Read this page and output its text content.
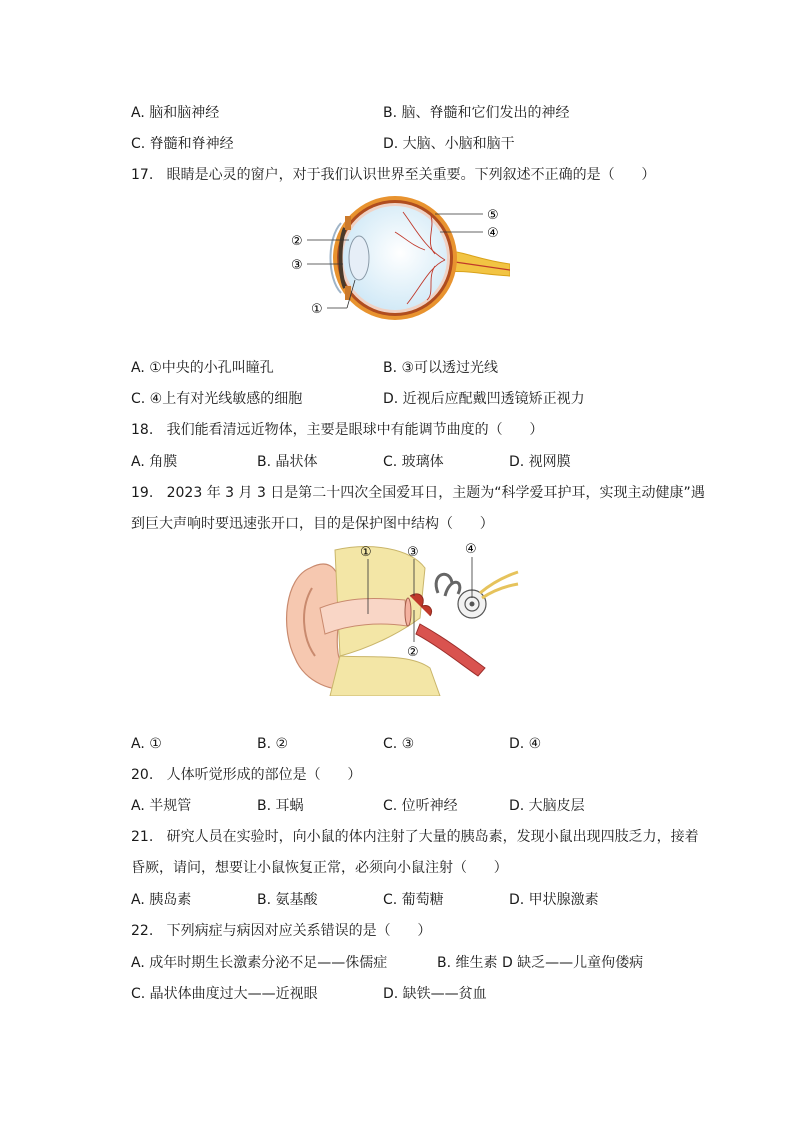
A. 脑和脑神经	B. 脑、脊髓和它们发出的神经
C. 脊髓和脊神经	D. 大脑、小脑和脑干
17.   眼睛是心灵的窗户，对于我们认识世界至关重要。下列叙述不正确的是（      ）
②
③
①
⑤
④
A. ①中央的小孔叫瞳孔	B. ③可以透过光线
C. ④上有对光线敏感的细胞	D. 近视后应配戴凹透镜矫正视力
18.   我们能看清远近物体，主要是眼球中有能调节曲度的（      ）
A. 角膜	B. 晶状体	C. 玻璃体	D. 视网膜
19.   2023 年 3 月 3 日是第二十四次全国爱耳日，主题为“科学爱耳护耳，实现主动健康”遇
到巨大声响时要迅速张开口，目的是保护图中结构（      ）
①	③
②
④
A. ①	B. ②	C. ③	D. ④
20.   人体听觉形成的部位是（      ）
A. 半规管	B. 耳蜗	C. 位听神经	D. 大脑皮层
21.   研究人员在实验时，向小鼠的体内注射了大量的胰岛素，发现小鼠出现四肢乏力，接着
昏厥，请问，想要让小鼠恢复正常，必须向小鼠注射（      ）
A. 胰岛素	B. 氨基酸	C. 葡萄糖	D. 甲状腺激素
22.   下列病症与病因对应关系错误的是（      ）
A. 成年时期生长激素分泌不足——侏儒症	B. 维生素 D 缺乏——儿童佝偻病
C. 晶状体曲度过大——近视眼	D. 缺铁——贫血
